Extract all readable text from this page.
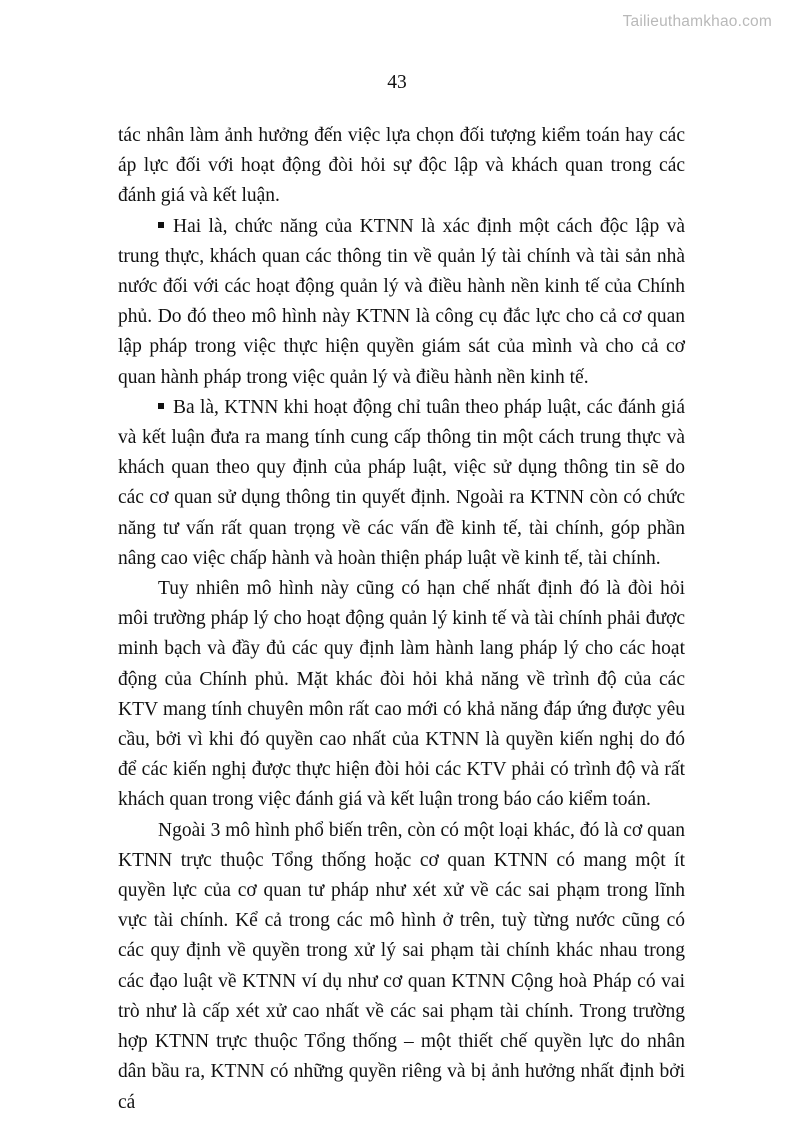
Tailieuthamkhao.com
43

tác nhân làm ảnh hưởng đến việc lựa chọn đối tượng kiểm toán hay các áp lực đối với hoạt động đòi hỏi sự độc lập và khách quan trong các đánh giá và kết luận.

Hai là, chức năng của KTNN là xác định một cách độc lập và trung thực, khách quan các thông tin về quản lý tài chính và tài sản nhà nước đối với các hoạt động quản lý và điều hành nền kinh tế của Chính phủ. Do đó theo mô hình này KTNN là công cụ đắc lực cho cả cơ quan lập pháp trong việc thực hiện quyền giám sát của mình và cho cả cơ quan hành pháp trong việc quản lý và điều hành nền kinh tế.

Ba là, KTNN khi hoạt động chỉ tuân theo pháp luật, các đánh giá và kết luận đưa ra mang tính cung cấp thông tin một cách trung thực và khách quan theo quy định của pháp luật, việc sử dụng thông tin sẽ do các cơ quan sử dụng thông tin quyết định. Ngoài ra KTNN còn có chức năng tư vấn rất quan trọng về các vấn đề kinh tế, tài chính, góp phần nâng cao việc chấp hành và hoàn thiện pháp luật về kinh tế, tài chính.

Tuy nhiên mô hình này cũng có hạn chế nhất định đó là đòi hỏi môi trường pháp lý cho hoạt động quản lý kinh tế và tài chính phải được minh bạch và đầy đủ các quy định làm hành lang pháp lý cho các hoạt động của Chính phủ. Mặt khác đòi hỏi khả năng về trình độ của các KTV mang tính chuyên môn rất cao mới có khả năng đáp ứng được yêu cầu, bởi vì khi đó quyền cao nhất của KTNN là quyền kiến nghị do đó để các kiến nghị được thực hiện đòi hỏi các KTV phải có trình độ và rất khách quan trong việc đánh giá và kết luận trong báo cáo kiểm toán.

Ngoài 3 mô hình phổ biến trên, còn có một loại khác, đó là cơ quan KTNN trực thuộc Tổng thống hoặc cơ quan KTNN có mang một ít quyền lực của cơ quan tư pháp như xét xử về các sai phạm trong lĩnh vực tài chính. Kể cả trong các mô hình ở trên, tuỳ từng nước cũng có các quy định về quyền trong xử lý sai phạm tài chính khác nhau trong các đạo luật về KTNN ví dụ như cơ quan KTNN Cộng hoà Pháp có vai trò như là cấp xét xử cao nhất về các sai phạm tài chính. Trong trường hợp KTNN trực thuộc Tổng thống – một thiết chế quyền lực do nhân dân bầu ra, KTNN có những quyền riêng và bị ảnh hưởng nhất định bởi cá
